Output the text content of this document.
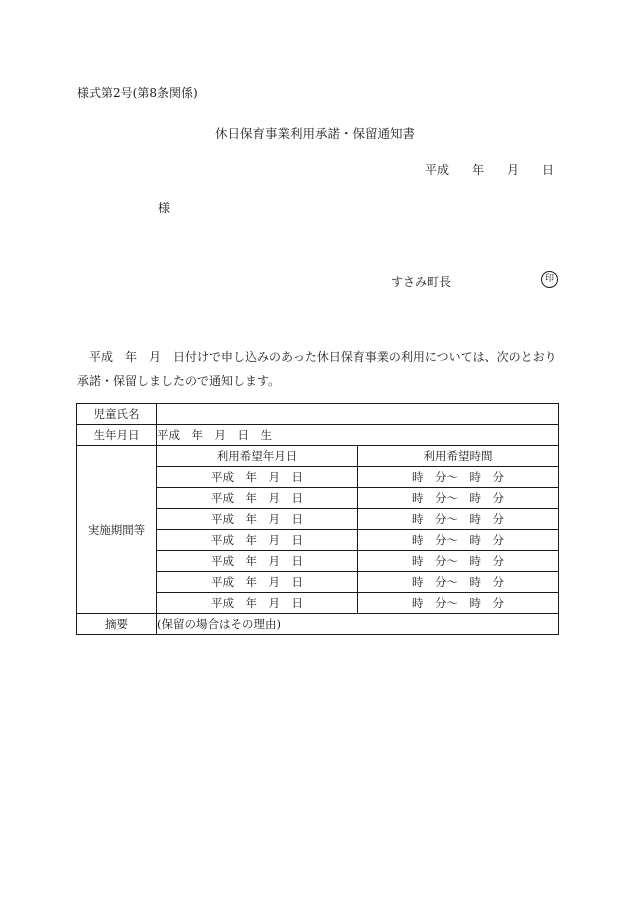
様式第2号(第8条関係)
休日保育事業利用承諾・保留通知書
平成 年 月 日
様
すさみ町長	印
平成　年　月　日付けで申し込みのあった休日保育事業の利用については、次のとおり
承諾・保留しましたので通知します。
児童氏名		
生年月日	平成　年　月　日　生	
実施期間等	利用希望年月日	利用希望時間
	平成　年　月　日	時　分～　時　分
	平成　年　月　日	時　分～　時　分
	平成　年　月　日	時　分～　時　分
	平成　年　月　日	時　分～　時　分
	平成　年　月　日	時　分～　時　分
	平成　年　月　日	時　分～　時　分
	平成　年　月　日	時　分～　時　分
摘要	(保留の場合はその理由)	
